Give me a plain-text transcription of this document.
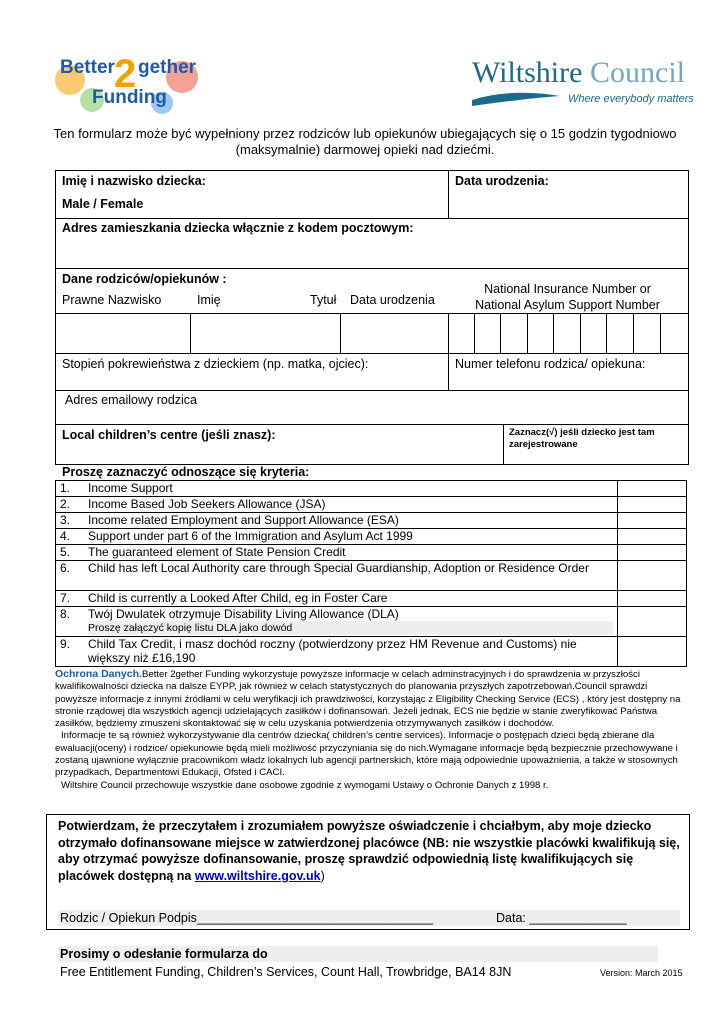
Better 2 gether
Funding
Wiltshire Council
Where everybody matters
Ten formularz może być wypełniony przez rodziców lub opiekunów ubiegających się o 15 godzin tygodniowo (maksymalnie) darmowej opieki nad dziećmi.
Imię i nazwisko dziecka:
Male / Female
Data urodzenia:
Adres zamieszkania dziecka włącznie z kodem pocztowym:
Dane rodziców/opiekunów :
Prawne Nazwisko	Imię	Tytuł Data urodzenia
National Insurance Number or
National Asylum Support Number
Stopień pokrewieństwa z dzieckiem (np. matka, ojciec):	Numer telefonu rodzica/ opiekuna:
Adres emailowy rodzica
Local children’s centre (jeśli znasz):	Zaznacz(√) jeśli dziecko jest tam zarejestrowane
Proszę zaznaczyć odnoszące się kryteria:
1.	Income Support	
2.	Income Based Job Seekers Allowance (JSA)	
3.	Income related Employment and Support Allowance (ESA)	
4.	Support under part 6 of the Immigration and Asylum Act 1999	
5.	The guaranteed element of State Pension Credit	
6.	Child has left Local Authority care through Special Guardianship, Adoption or Residence Order	
7.	Child is currently a Looked After Child, eg in Foster Care	
8.	Twój Dwulatek otrzymuje Disability Living Allowance (DLA)
Proszę załączyć kopię listu DLA jako dowód	

9.	Child Tax Credit, i masz dochód roczny (potwierdzony przez HM Revenue and Customs) nie większy niż £16,190	

Ochrona Danych.Better 2gether Funding wykorzystuje powyższe informacje w celach adminstracyjnych i do sprawdzenia w przyszłości kwalifikowalności dziecka na dalsze EYPP, jak również w celach statystycznych do planowania przyszłych zapotrzebowań.Council sprawdzi powyższe informacje z innymi źródłami w celu weryfikacji ich prawdziwości, korzystając z Eligibility Checking Service (ECS) , który jest dostępny na stronie rządowej dla wszystkich agencji udzielających zasiłków i dofinansowań. Jeżeli jednak, ECS nie będzie w stanie zweryfikować Państwa zasiłków, będziemy zmuszeni skontaktować się w celu uzyskania potwierdzenia otrzymywanych zasiłków i dochodów.

Informacje te są również wykorzystywanie dla centrów dziecka( children’s centre services). Informacje o postępach dzieci będą zbierane dla ewaluacji(oceny) i rodzice/ opiekunowie będą mieli możliwość przyczyniania się do nich.Wymagane informacje będą bezpiecznie przechowywane i zostaną ujawnione wyłącznie pracownikom władz lokalnych lub agencji partnerskich, które mają odpowiednie upoważnienia, a także w stosownych przypadkach, Departmentowi Edukacji, Ofsted i CACI.

Wiltshire Council przechowuje wszystkie dane osobowe zgodnie z wymogami Ustawy o Ochronie Danych z 1998 r.

Potwierdzam, że przeczytałem i zrozumiałem powyższe oświadczenie i chciałbym, aby moje dziecko otrzymało dofinansowane miejsce w zatwierdzonej placówce (NB: nie wszystkie placówki kwalifikują się, aby otrzymać powyższe dofinansowanie, proszę sprawdzić odpowiednią listę kwalifikujących się placówek dostępną na www.wiltshire.gov.uk)
Rodzic / Opiekun Podpis__________________________________	Data: ______________
Prosimy o odesłanie formularza do
Free Entitlement Funding, Children’s Services, Count Hall, Trowbridge, BA14 8JN	Version: March 2015
